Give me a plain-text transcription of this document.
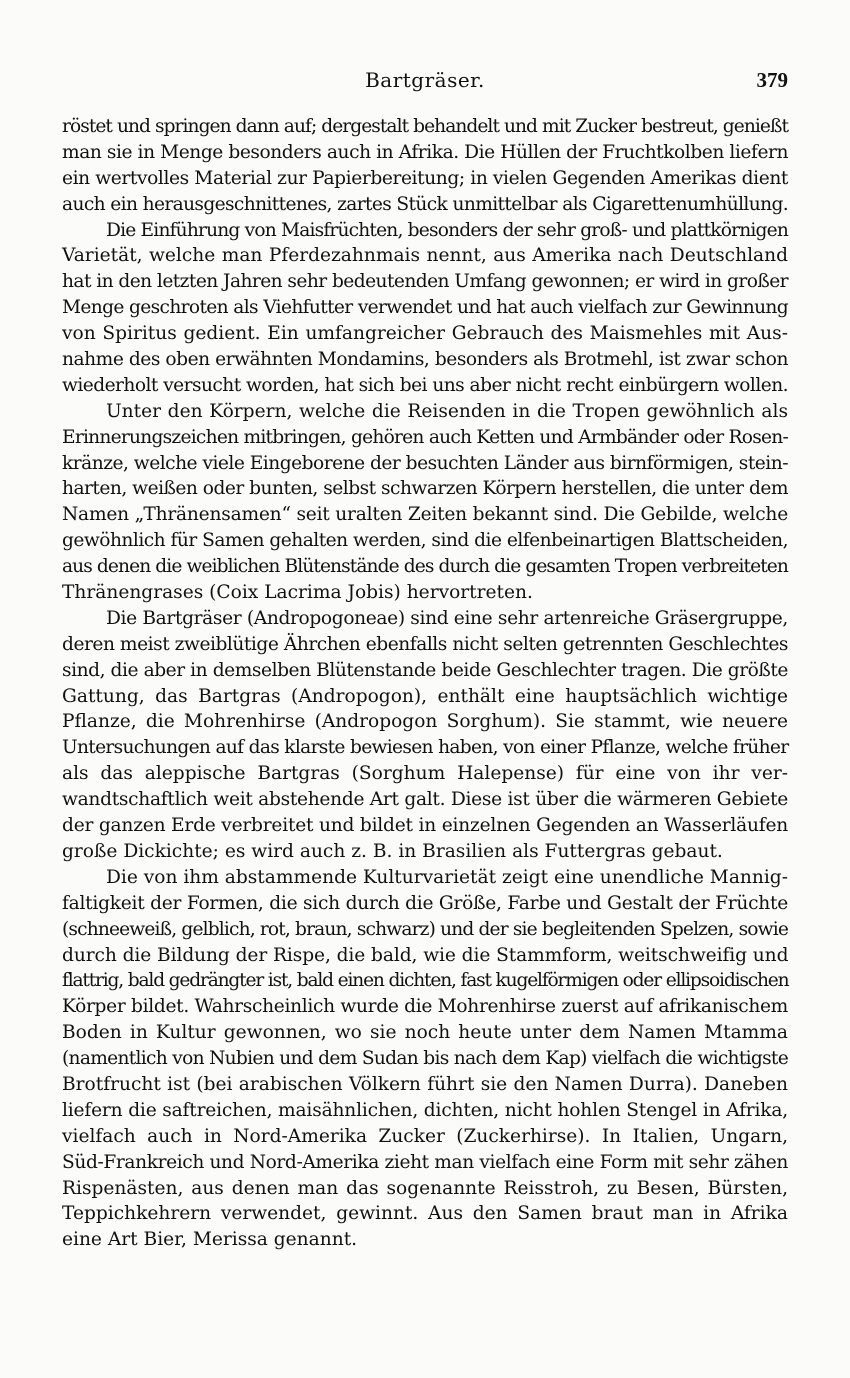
Bartgräser.	379
röstet und springen dann auf; dergestalt behandelt und mit Zucker bestreut, genießt
man sie in Menge besonders auch in Afrika. Die Hüllen der Fruchtkolben liefern
ein wertvolles Material zur Papierbereitung; in vielen Gegenden Amerikas dient
auch ein herausgeschnittenes, zartes Stück unmittelbar als Cigarettenumhüllung.
Die Einführung von Maisfrüchten, besonders der sehr groß- und plattkörnigen
Varietät, welche man Pferdezahnmais nennt, aus Amerika nach Deutschland
hat in den letzten Jahren sehr bedeutenden Umfang gewonnen; er wird in großer
Menge geschroten als Viehfutter verwendet und hat auch vielfach zur Gewinnung
von Spiritus gedient. Ein umfangreicher Gebrauch des Maismehles mit Aus-
nahme des oben erwähnten Mondamins, besonders als Brotmehl, ist zwar schon
wiederholt versucht worden, hat sich bei uns aber nicht recht einbürgern wollen.
Unter den Körpern, welche die Reisenden in die Tropen gewöhnlich als
Erinnerungszeichen mitbringen, gehören auch Ketten und Armbänder oder Rosen-
kränze, welche viele Eingeborene der besuchten Länder aus birnförmigen, stein-
harten, weißen oder bunten, selbst schwarzen Körpern herstellen, die unter dem
Namen „Thränensamen“ seit uralten Zeiten bekannt sind. Die Gebilde, welche
gewöhnlich für Samen gehalten werden, sind die elfenbeinartigen Blattscheiden,
aus denen die weiblichen Blütenstände des durch die gesamten Tropen verbreiteten
Thränengrases (Coix Lacrima Jobis) hervortreten.
Die Bartgräser (Andropogoneae) sind eine sehr artenreiche Gräsergruppe,
deren meist zweiblütige Ährchen ebenfalls nicht selten getrennten Geschlechtes
sind, die aber in demselben Blütenstande beide Geschlechter tragen. Die größte
Gattung, das Bartgras (Andropogon), enthält eine hauptsächlich wichtige
Pflanze, die Mohrenhirse (Andropogon Sorghum). Sie stammt, wie neuere
Untersuchungen auf das klarste bewiesen haben, von einer Pflanze, welche früher
als das aleppische Bartgras (Sorghum Halepense) für eine von ihr ver-
wandtschaftlich weit abstehende Art galt. Diese ist über die wärmeren Gebiete
der ganzen Erde verbreitet und bildet in einzelnen Gegenden an Wasserläufen
große Dickichte; es wird auch z. B. in Brasilien als Futtergras gebaut.
Die von ihm abstammende Kulturvarietät zeigt eine unendliche Mannig-
faltigkeit der Formen, die sich durch die Größe, Farbe und Gestalt der Früchte
(schneeweiß, gelblich, rot, braun, schwarz) und der sie begleitenden Spelzen, sowie
durch die Bildung der Rispe, die bald, wie die Stammform, weitschweifig und
flattrig, bald gedrängter ist, bald einen dichten, fast kugelförmigen oder ellipsoidischen
Körper bildet. Wahrscheinlich wurde die Mohrenhirse zuerst auf afrikanischem
Boden in Kultur gewonnen, wo sie noch heute unter dem Namen Mtamma
(namentlich von Nubien und dem Sudan bis nach dem Kap) vielfach die wichtigste
Brotfrucht ist (bei arabischen Völkern führt sie den Namen Durra). Daneben
liefern die saftreichen, maisähnlichen, dichten, nicht hohlen Stengel in Afrika,
vielfach auch in Nord-Amerika Zucker (Zuckerhirse). In Italien, Ungarn,
Süd-Frankreich und Nord-Amerika zieht man vielfach eine Form mit sehr zähen
Rispenästen, aus denen man das sogenannte Reisstroh, zu Besen, Bürsten,
Teppichkehrern verwendet, gewinnt. Aus den Samen braut man in Afrika
eine Art Bier, Merissa genannt.
